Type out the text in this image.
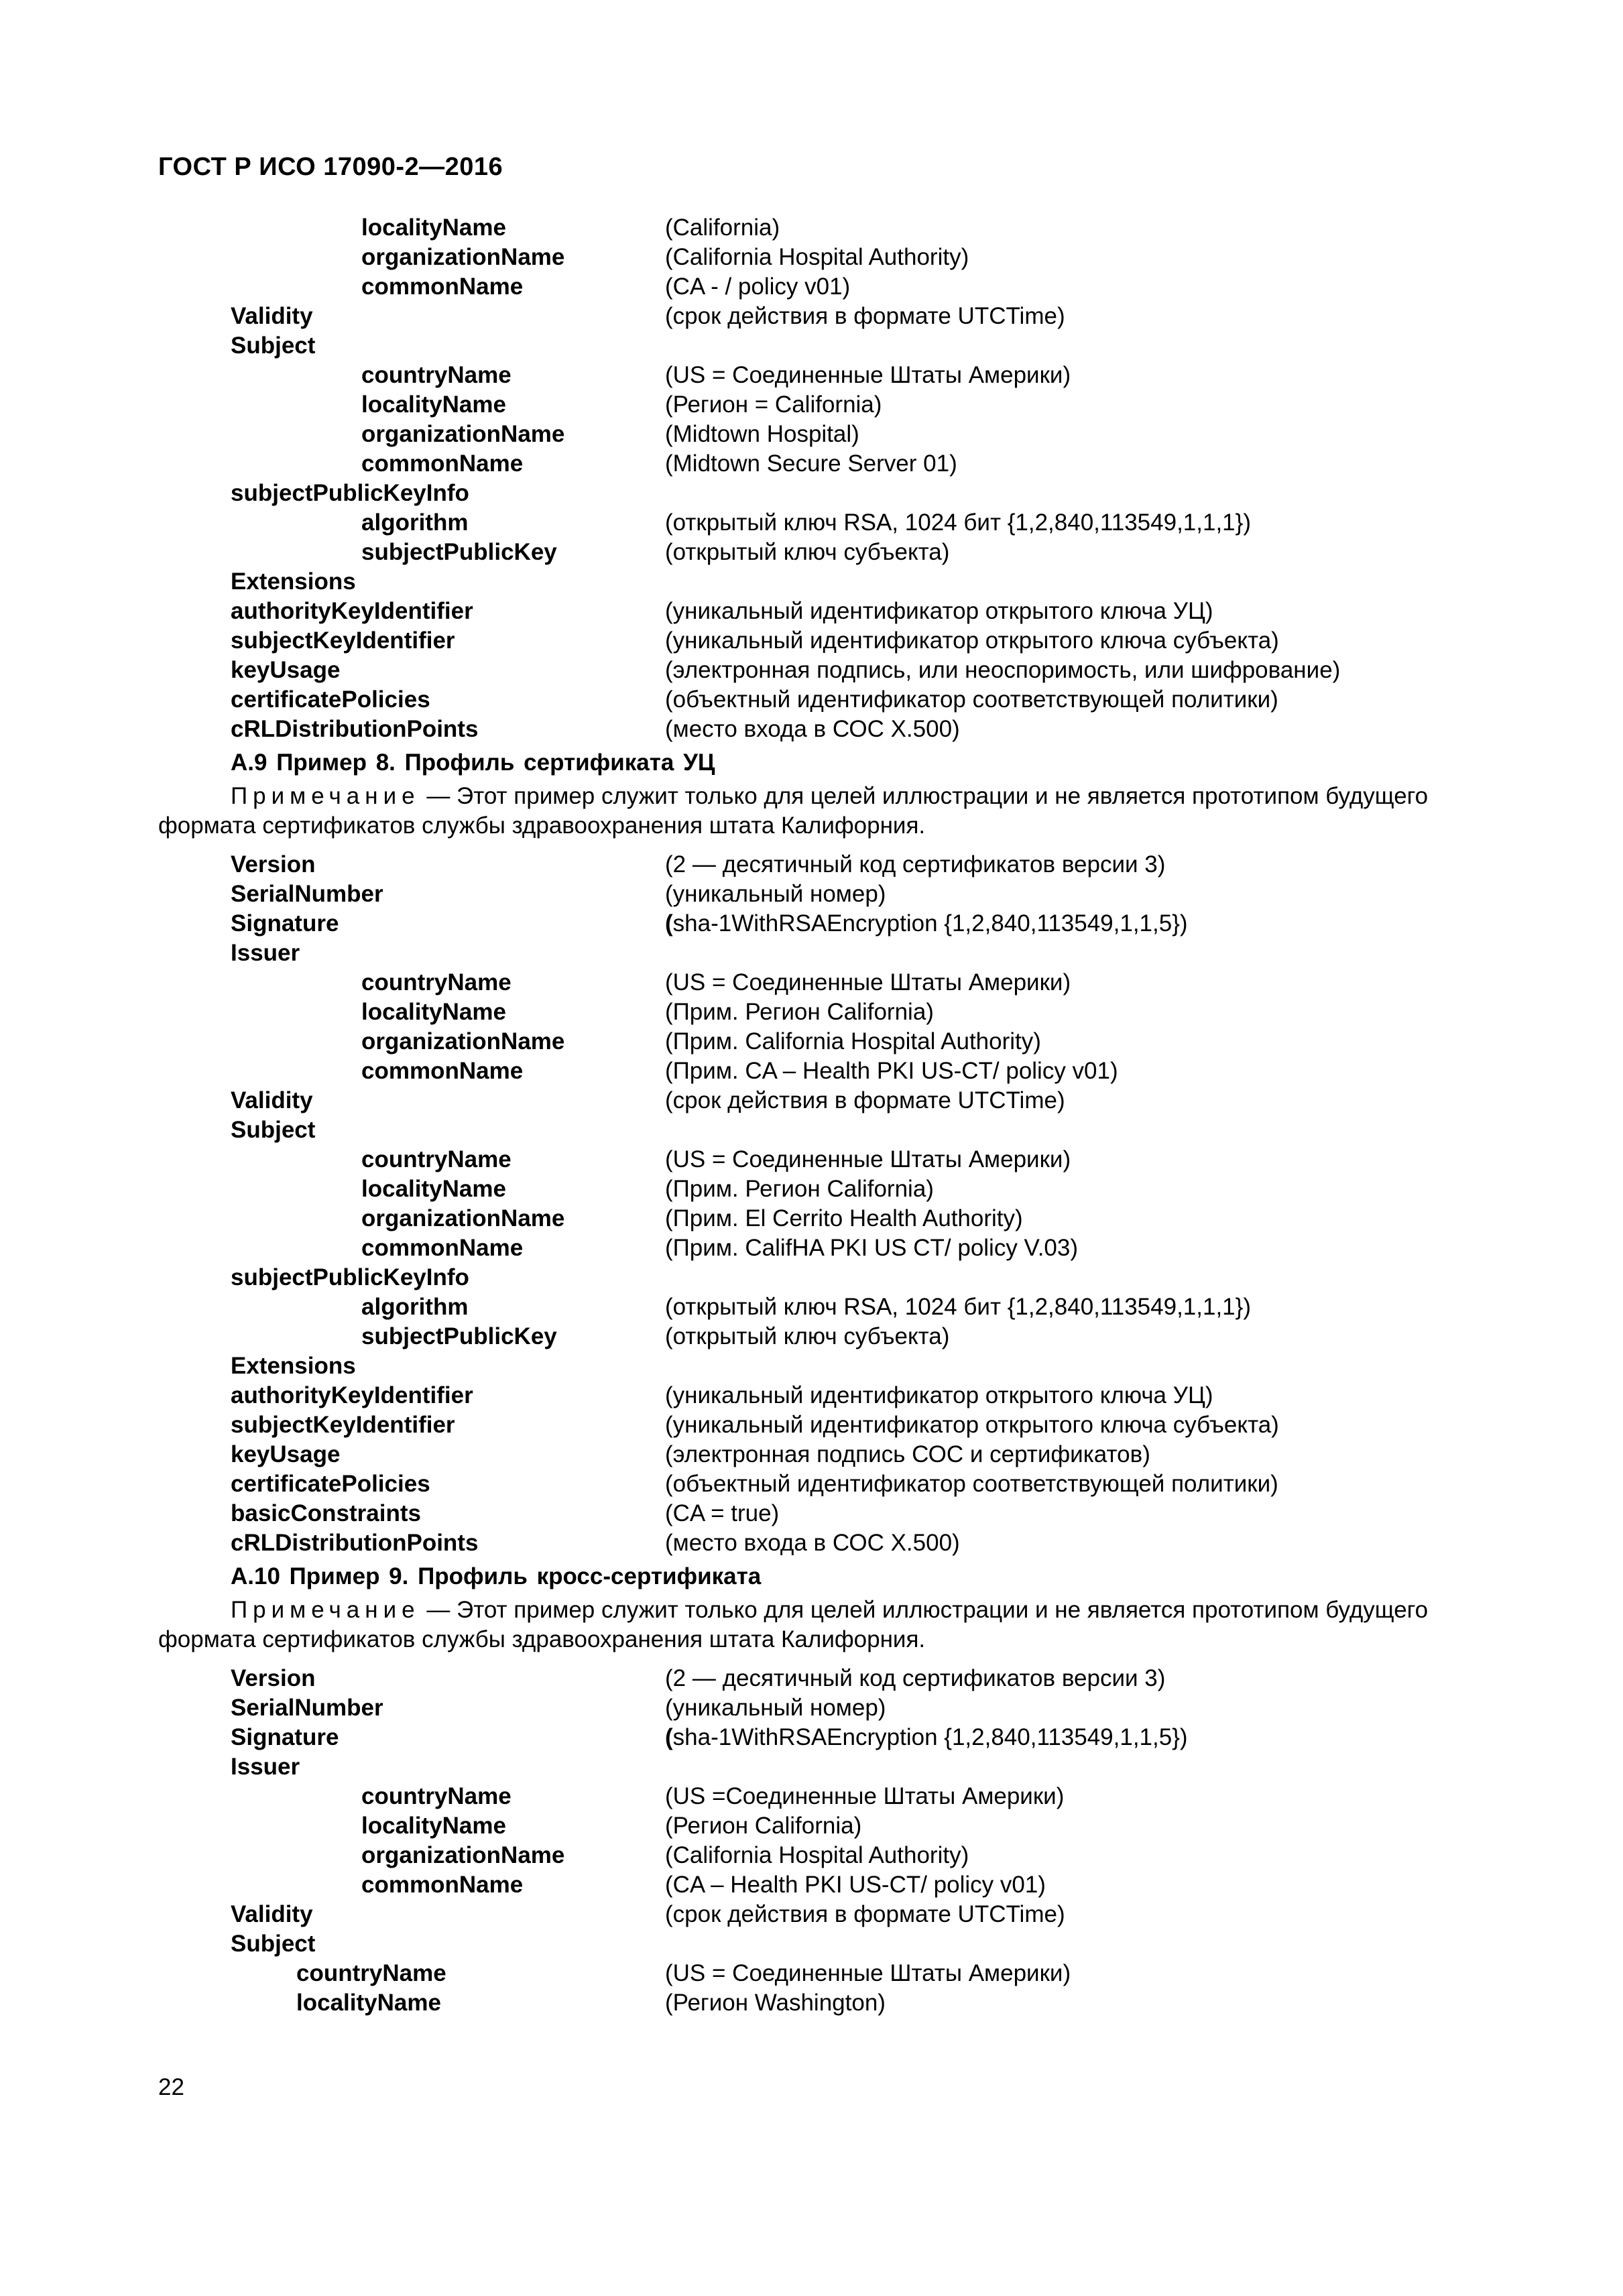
ГОСТ Р ИСО 17090-2—2016
localityName	(California)
organizationName	(California Hospital Authority)
commonName	(CA - / policy v01)
Validity	(срок действия в формате UTCTime)
Subject
countryName	(US = Соединенные Штаты Америки)
localityName	(Регион = California)
organizationName	(Midtown Hospital)
commonName	(Midtown Secure Server 01)
subjectPublicKeyInfo
algorithm	(открытый ключ RSA, 1024 бит {1,2,840,113549,1,1,1})
subjectPublicKey	(открытый ключ субъекта)
Extensions
authorityKeyIdentifier	(уникальный идентификатор открытого ключа УЦ)
subjectKeyIdentifier	(уникальный идентификатор открытого ключа субъекта)
keyUsage	(электронная подпись, или неоспоримость, или шифрование)
certificatePolicies	(объектный идентификатор соответствующей политики)
cRLDistributionPoints	(место входа в СОС X.500)
А.9 Пример 8. Профиль сертификата УЦ
Примечание — Этот пример служит только для целей иллюстрации и не является прототипом будущего формата сертификатов службы здравоохранения штата Калифорния.
Version	(2 — десятичный код сертификатов версии 3)
SerialNumber	(уникальный номер)
Signature	(sha-1WithRSAEncryption {1,2,840,113549,1,1,5})
Issuer
countryName	(US = Соединенные Штаты Америки)
localityName	(Прим. Регион California)
organizationName	(Прим. California Hospital Authority)
commonName	(Прим. CA – Health PKI US-CT/ policy v01)
Validity	(срок действия в формате UTCTime)
Subject
countryName	(US = Соединенные Штаты Америки)
localityName	(Прим. Регион California)
organizationName	(Прим. El Cerrito Health Authority)
commonName	(Прим. CalifHA PKI US CT/ policy V.03)
subjectPublicKeyInfo
algorithm	(открытый ключ RSA, 1024 бит {1,2,840,113549,1,1,1})
subjectPublicKey	(открытый ключ субъекта)
Extensions
authorityKeyIdentifier	(уникальный идентификатор открытого ключа УЦ)
subjectKeyIdentifier	(уникальный идентификатор открытого ключа субъекта)
keyUsage	(электронная подпись СОС и сертификатов)
certificatePolicies	(объектный идентификатор соответствующей политики)
basicConstraints	(CA = true)
cRLDistributionPoints	(место входа в СОС X.500)
А.10 Пример 9. Профиль кросс-сертификата
Примечание — Этот пример служит только для целей иллюстрации и не является прототипом будущего формата сертификатов службы здравоохранения штата Калифорния.
Version	(2 — десятичный код сертификатов версии 3)
SerialNumber	(уникальный номер)
Signature	(sha-1WithRSAEncryption {1,2,840,113549,1,1,5})
Issuer
countryName	(US =Соединенные Штаты Америки)
localityName	(Регион California)
organizationName	(California Hospital Authority)
commonName	(CA – Health PKI US-CT/ policy v01)
Validity	(срок действия в формате UTCTime)
Subject
countryName	(US = Соединенные Штаты Америки)
localityName	(Регион Washington)
22
